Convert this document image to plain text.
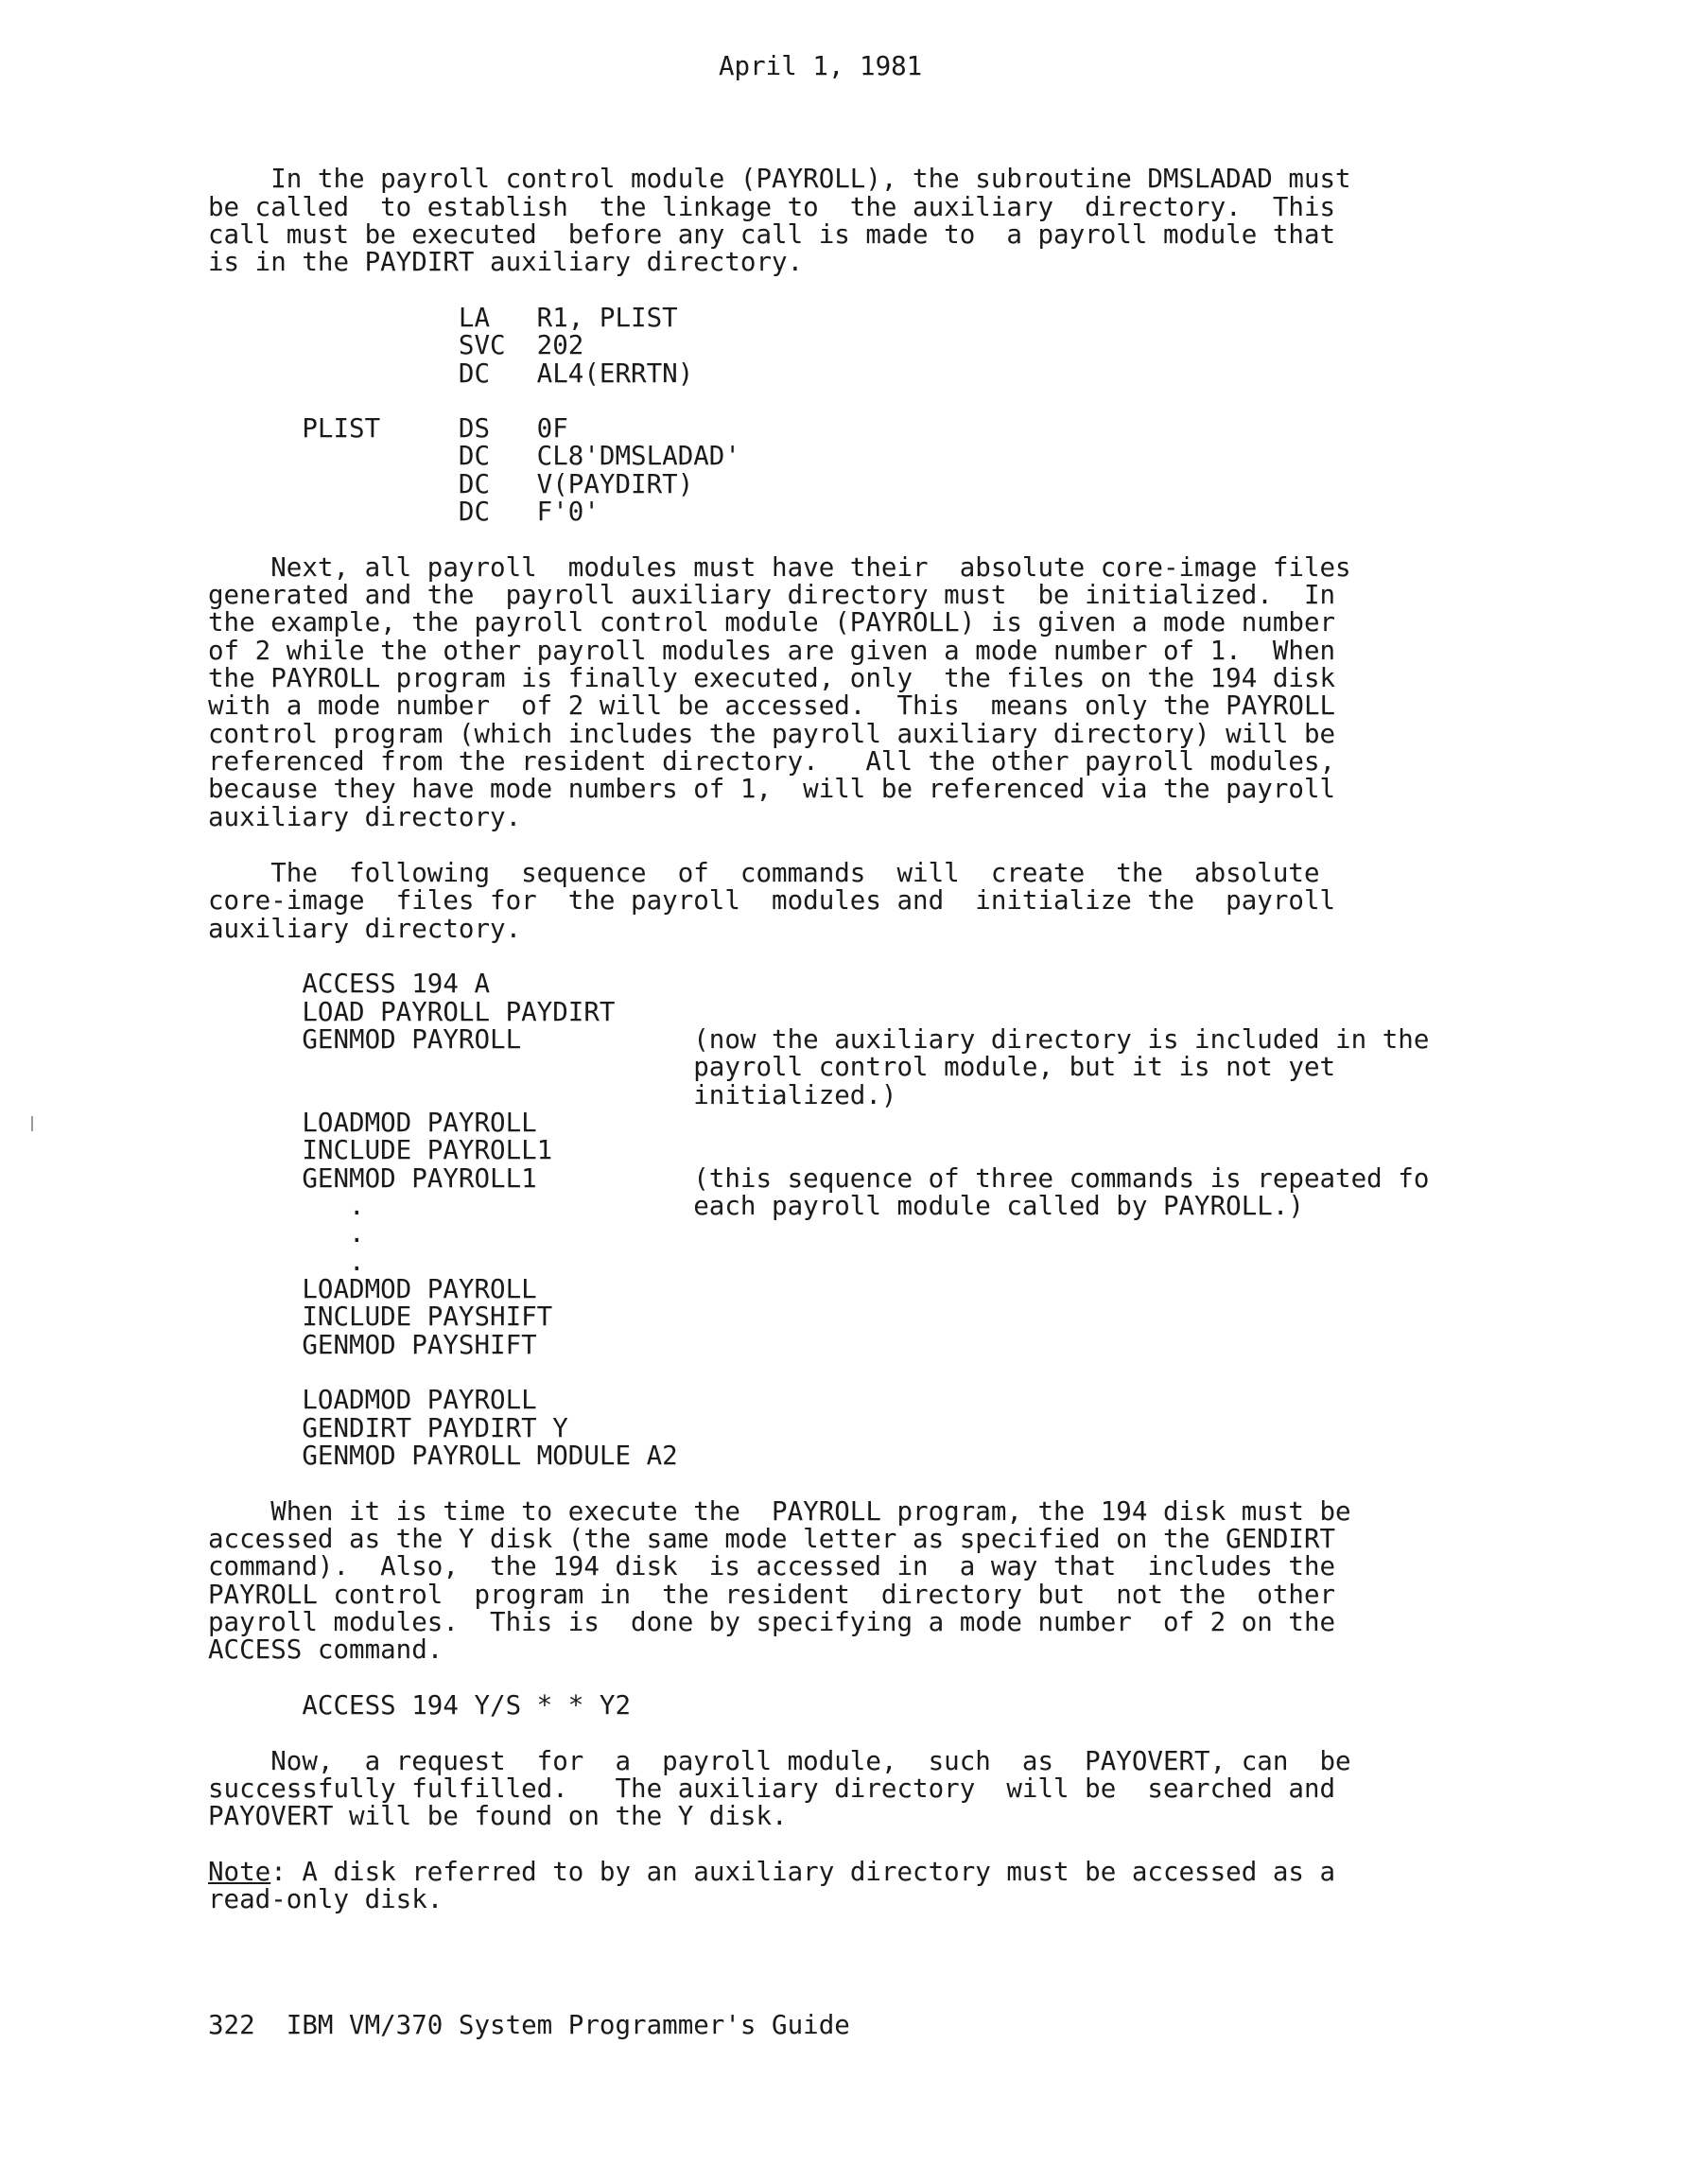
April 1, 1981
In the payroll control module (PAYROLL), the subroutine DMSLADAD must
be called  to establish  the linkage to  the auxiliary  directory.  This
call must be executed  before any call is made to  a payroll module that
is in the PAYDIRT auxiliary directory.
LA   R1, PLIST
SVC  202
DC   AL4(ERRTN)
PLIST     DS   0F
DC   CL8'DMSLADAD'
DC   V(PAYDIRT)
DC   F'0'
Next, all payroll  modules must have their  absolute core-image files
generated and the  payroll auxiliary directory must  be initialized.  In
the example, the payroll control module (PAYROLL) is given a mode number
of 2 while the other payroll modules are given a mode number of 1.  When
the PAYROLL program is finally executed, only  the files on the 194 disk
with a mode number  of 2 will be accessed.  This  means only the PAYROLL
control program (which includes the payroll auxiliary directory) will be
referenced from the resident directory.   All the other payroll modules,
because they have mode numbers of 1,  will be referenced via the payroll
auxiliary directory.
The  following  sequence  of  commands  will  create  the  absolute
core-image  files for  the payroll  modules and  initialize the  payroll
auxiliary directory.
ACCESS 194 A
LOAD PAYROLL PAYDIRT
GENMOD PAYROLL           (now the auxiliary directory is included in the
payroll control module, but it is not yet
initialized.)
LOADMOD PAYROLL
INCLUDE PAYROLL1
GENMOD PAYROLL1          (this sequence of three commands is repeated fo
.                     each payroll module called by PAYROLL.)
.
.
LOADMOD PAYROLL
INCLUDE PAYSHIFT
GENMOD PAYSHIFT
LOADMOD PAYROLL
GENDIRT PAYDIRT Y
GENMOD PAYROLL MODULE A2
When it is time to execute the  PAYROLL program, the 194 disk must be
accessed as the Y disk (the same mode letter as specified on the GENDIRT
command).  Also,  the 194 disk  is accessed in  a way that  includes the
PAYROLL control  program in  the resident  directory but  not the  other
payroll modules.  This is  done by specifying a mode number  of 2 on the
ACCESS command.
ACCESS 194 Y/S * * Y2
Now,  a request  for  a  payroll module,  such  as  PAYOVERT, can  be
successfully fulfilled.   The auxiliary directory  will be  searched and
PAYOVERT will be found on the Y disk.
Note: A disk referred to by an auxiliary directory must be accessed as a
read-only disk.
322  IBM VM/370 System Programmer's Guide
